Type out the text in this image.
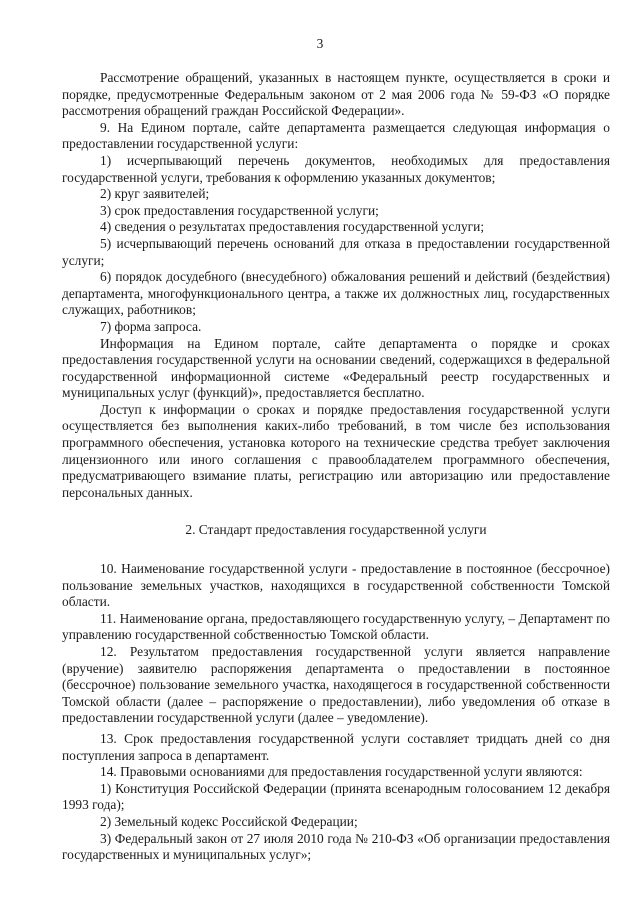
3

Рассмотрение обращений, указанных в настоящем пункте, осуществляется в сроки и порядке, предусмотренные Федеральным законом от 2 мая 2006 года № 59-ФЗ «О порядке рассмотрения обращений граждан Российской Федерации».

9. На Едином портале, сайте департамента размещается следующая информация о предоставлении государственной услуги:

1) исчерпывающий перечень документов, необходимых для предоставления государственной услуги, требования к оформлению указанных документов;

2) круг заявителей;

3) срок предоставления государственной услуги;

4) сведения о результатах предоставления государственной услуги;

5) исчерпывающий перечень оснований для отказа в предоставлении государственной услуги;

6) порядок досудебного (внесудебного) обжалования решений и действий (бездействия) департамента, многофункционального центра, а также их должностных лиц, государственных служащих, работников;

7) форма запроса.

Информация на Едином портале, сайте департамента о порядке и сроках предоставления государственной услуги на основании сведений, содержащихся в федеральной государственной информационной системе «Федеральный реестр государственных и муниципальных услуг (функций)», предоставляется бесплатно.

Доступ к информации о сроках и порядке предоставления государственной услуги осуществляется без выполнения каких-либо требований, в том числе без использования программного обеспечения, установка которого на технические средства требует заключения лицензионного или иного соглашения с правообладателем программного обеспечения, предусматривающего взимание платы, регистрацию или авторизацию или предоставление персональных данных.

2. Стандарт предоставления государственной услуги

10. Наименование государственной услуги - предоставление в постоянное (бессрочное) пользование земельных участков, находящихся в государственной собственности Томской области.

11. Наименование органа, предоставляющего государственную услугу, – Департамент по управлению государственной собственностью Томской области.

12. Результатом предоставления государственной услуги является направление (вручение) заявителю распоряжения департамента о предоставлении в постоянное (бессрочное) пользование земельного участка, находящегося в государственной собственности Томской области (далее – распоряжение о предоставлении), либо уведомления об отказе в предоставлении государственной услуги (далее – уведомление).

13. Срок предоставления государственной услуги составляет тридцать дней со дня поступления запроса в департамент.

14. Правовыми основаниями для предоставления государственной услуги являются:

1) Конституция Российской Федерации (принята всенародным голосованием 12 декабря 1993 года);

2) Земельный кодекс Российской Федерации;

3) Федеральный закон от 27 июля 2010 года № 210-ФЗ «Об организации предоставления государственных и муниципальных услуг»;
